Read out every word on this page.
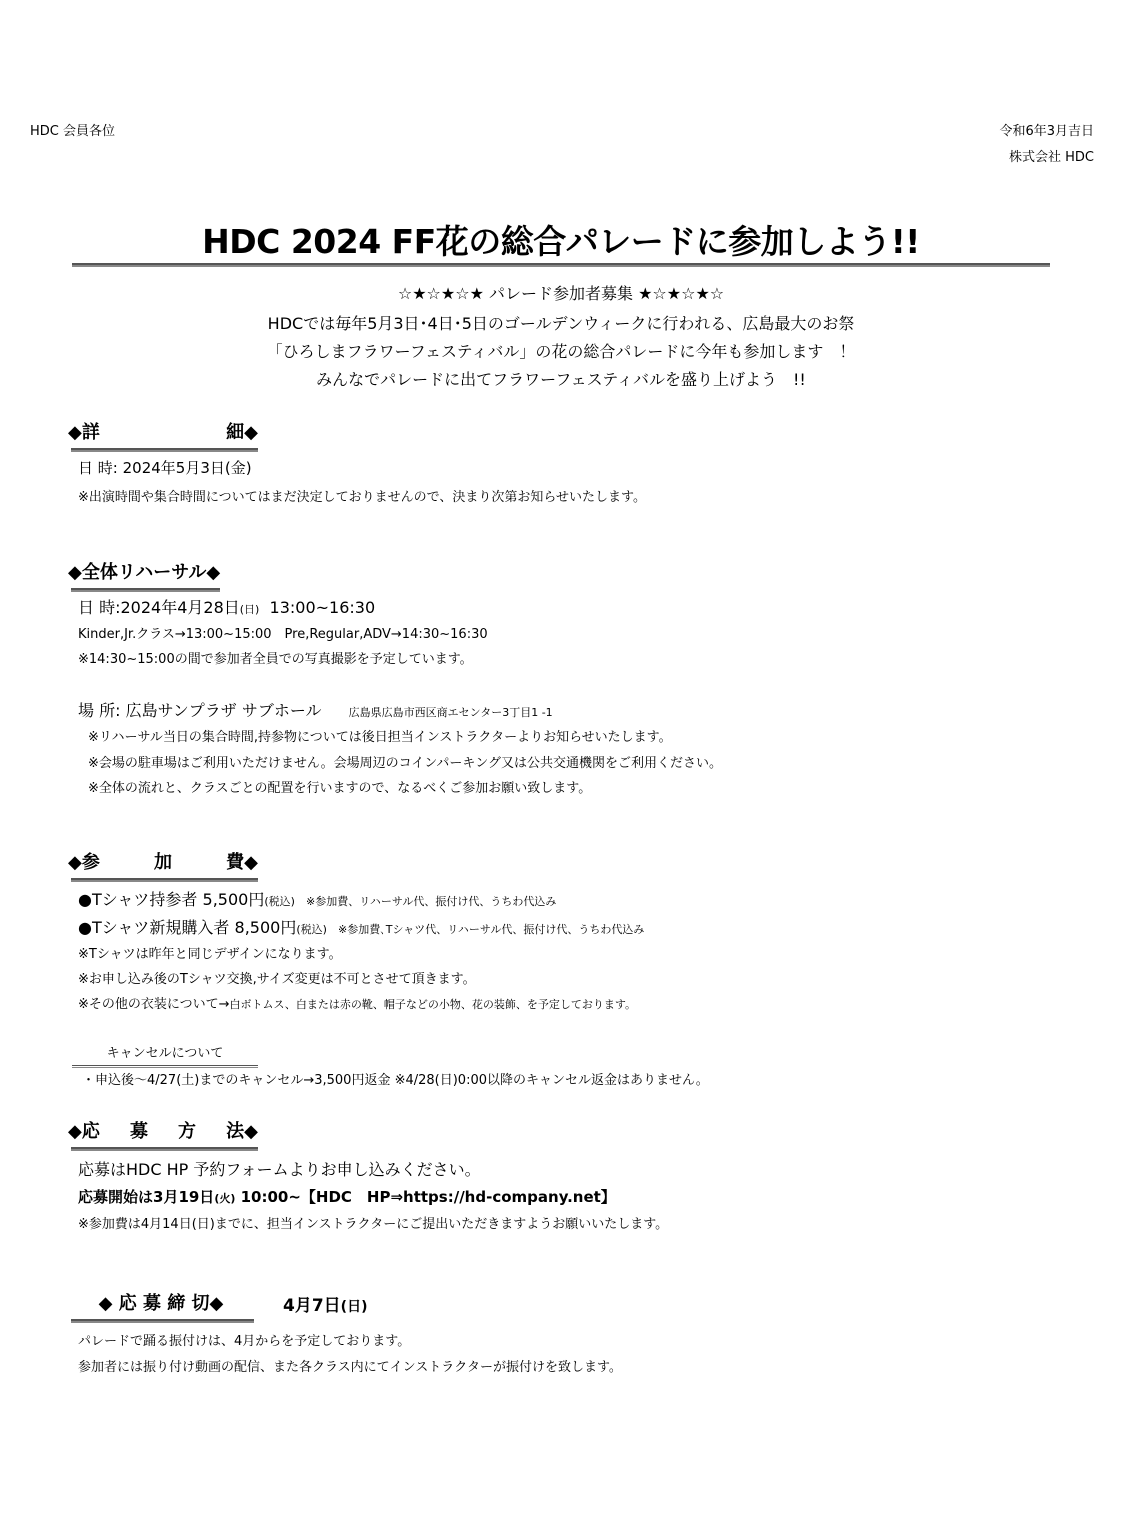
HDC 会員各位	令和6年3月吉日
株式会社 HDC
HDC 2024 FF花の総合パレードに参加しよう!!
☆★☆★☆★ パレード参加者募集 ★☆★☆★☆
HDCでは毎年5月3日･4日･5日のゴールデンウィークに行われる、広島最大のお祭
「ひろしまフラワーフェスティバル」の花の総合パレードに今年も参加します　！
みんなでパレードに出てフラワーフェスティバルを盛り上げよう　!!
◆詳	細◆
日 時: 2024年5月3日(金)
※出演時間や集合時間についてはまだ決定しておりませんので、決まり次第お知らせいたします。
◆全体リハーサル◆
日 時:2024年4月28日(日) 13:00~16:30
Kinder,Jr.クラス→13:00~15:00　Pre,Regular,ADV→14:30~16:30
※14:30~15:00の間で参加者全員での写真撮影を予定しています。
場 所: 広島サンプラザ サブホール 広島県広島市西区商エセンター3丁目1 -1
※リハーサル当日の集合時間,持参物については後日担当インストラクターよりお知らせいたします。
※会場の駐車場はご利用いただけません。会場周辺のコインパーキング又は公共交通機関をご利用ください。
※全体の流れと、クラスごとの配置を行いますので、なるべくご参加お願い致します。
◆参	加	費◆
●Tシャツ持参者 5,500円(税込) ※参加費、リハーサル代、振付け代、うちわ代込み
●Tシャツ新規購入者 8,500円(税込) ※参加費､Tシャツ代、リハーサル代、振付け代、うちわ代込み
※Tシャツは昨年と同じデザインになります。
※お申し込み後のTシャツ交換,サイズ変更は不可とさせて頂きます。
※その他の衣装について→白ボトムス、白または赤の靴、帽子などの小物、花の装飾、を予定しております。
キャンセルについて
・申込後～4/27(土)までのキャンセル→3,500円返金 ※4/28(日)0:00以降のキャンセル返金はありません。
◆応 募 方 法◆
応募はHDC HP 予約フォームよりお申し込みください。
応募開始は3月19日(火) 10:00~【HDC　HP⇒https://hd-company.net】
※参加費は4月14日(日)までに、担当インストラクターにご提出いただきますようお願いいたします。
◆ 応 募 締 切◆	4月7日(日)
パレードで踊る振付けは、4月からを予定しております。
参加者には振り付け動画の配信、また各クラス内にてインストラクターが振付けを致します。
